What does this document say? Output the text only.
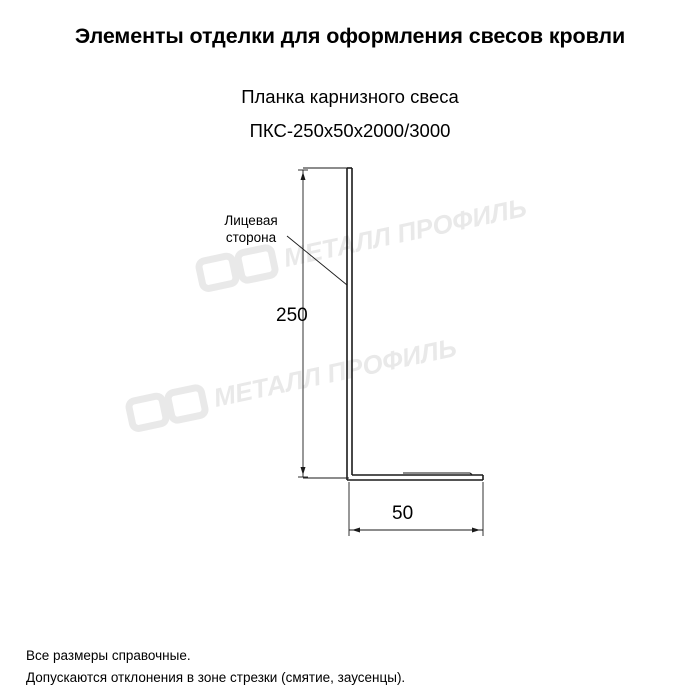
Элементы отделки для оформления свесов кровли
Планка карнизного свеса
ПКС-250x50x2000/3000
МЕТАЛЛ ПРОФИЛЬ
МЕТАЛЛ ПРОФИЛЬ
Лицевая
сторона
250
50
Все размеры справочные.
Допускаются отклонения в зоне стрезки (смятие, заусенцы).
